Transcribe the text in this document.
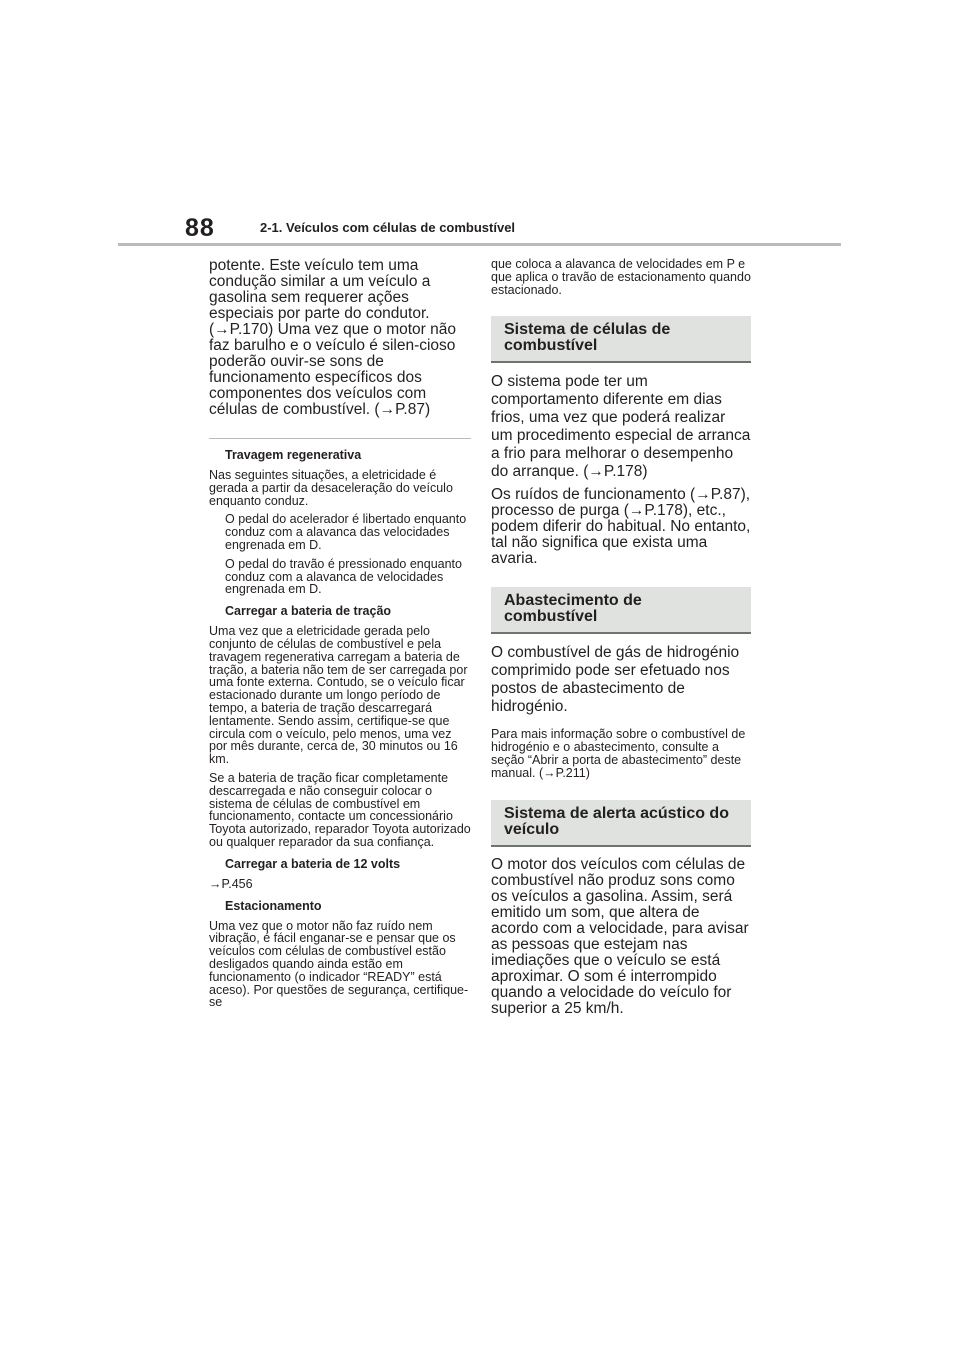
88	2-1. Veículos com células de combustível

potente. Este veículo tem uma condução similar a um veículo a gasolina sem requerer ações especiais por parte do condutor. (→P.170) Uma vez que o motor não faz barulho e o veículo é silen-cioso poderão ouvir-se sons de funcionamento específicos dos componentes dos veículos com células de combustível. (→P.87)

Travagem regenerativa

Nas seguintes situações, a eletricidade é gerada a partir da desaceleração do veículo enquanto conduz.

O pedal do acelerador é libertado enquanto conduz com a alavanca das velocidades engrenada em D.

O pedal do travão é pressionado enquanto conduz com a alavanca de velocidades engrenada em D.

Carregar a bateria de tração

Uma vez que a eletricidade gerada pelo conjunto de células de combustível e pela travagem regenerativa carregam a bateria de tração, a bateria não tem de ser carregada por uma fonte externa. Contudo, se o veículo ficar estacionado durante um longo período de tempo, a bateria de tração descarregará lentamente. Sendo assim, certifique-se que circula com o veículo, pelo menos, uma vez por mês durante, cerca de, 30 minutos ou 16 km.

Se a bateria de tração ficar completamente descarregada e não conseguir colocar o sistema de células de combustível em funcionamento, contacte um concessionário Toyota autorizado, reparador Toyota autorizado ou qualquer reparador da sua confiança.

Carregar a bateria de 12 volts

→P.456

Estacionamento

Uma vez que o motor não faz ruído nem vibração, é fácil enganar-se e pensar que os veículos com células de combustível estão desligados quando ainda estão em funcionamento (o indicador “READY” está aceso). Por questões de segurança, certifique-se

que coloca a alavanca de velocidades em P e que aplica o travão de estacionamento quando estacionado.

Sistema de células de combustível

O sistema pode ter um comportamento diferente em dias frios, uma vez que poderá realizar um procedimento especial de arranca a frio para melhorar o desempenho do arranque. (→P.178)

Os ruídos de funcionamento (→P.87), processo de purga (→P.178), etc., podem diferir do habitual. No entanto, tal não significa que exista uma avaria.

Abastecimento de combustível

O combustível de gás de hidrogénio comprimido pode ser efetuado nos postos de abastecimento de hidrogénio.

Para mais informação sobre o combustível de hidrogénio e o abastecimento, consulte a seção “Abrir a porta de abastecimento” deste manual. (→P.211)

Sistema de alerta acústico do veículo

O motor dos veículos com células de combustível não produz sons como os veículos a gasolina. Assim, será emitido um som, que altera de acordo com a velocidade, para avisar as pessoas que estejam nas imediações que o veículo se está aproximar. O som é interrompido quando a velocidade do veículo for superior a 25 km/h.
